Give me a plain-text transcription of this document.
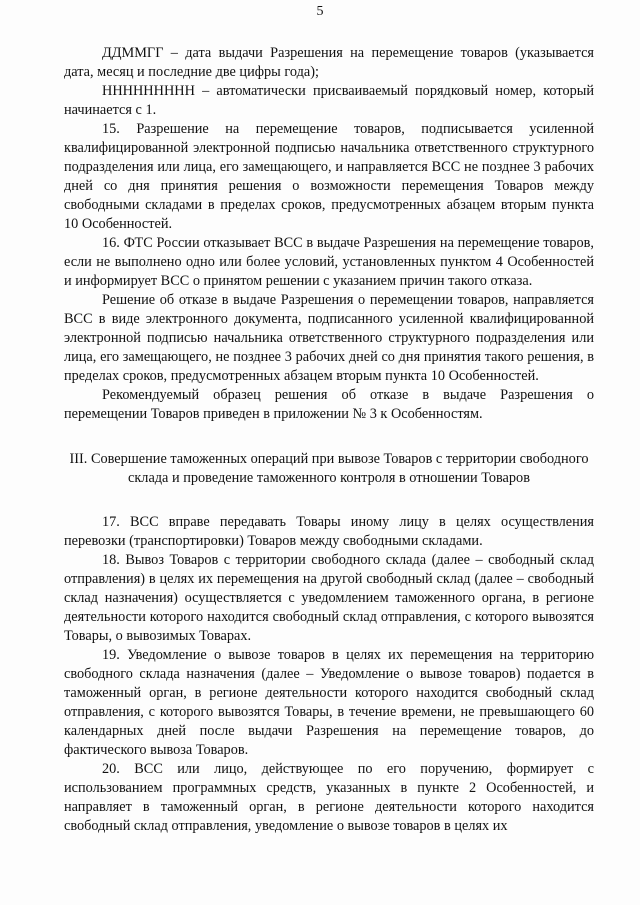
5

ДДММГГ – дата выдачи Разрешения на перемещение товаров (указывается дата, месяц и последние две цифры года);

ННННННННН – автоматически присваиваемый порядковый номер, который начинается с 1.

15. Разрешение на перемещение товаров, подписывается усиленной квалифицированной электронной подписью начальника ответственного структурного подразделения или лица, его замещающего, и направляется ВСС не позднее 3 рабочих дней со дня принятия решения о возможности перемещения Товаров между свободными складами в пределах сроков, предусмотренных абзацем вторым пункта 10 Особенностей.

16. ФТС России отказывает ВСС в выдаче Разрешения на перемещение товаров, если не выполнено одно или более условий, установленных пунктом 4 Особенностей и информирует ВСС о принятом решении с указанием причин такого отказа.

Решение об отказе в выдаче Разрешения о перемещении товаров, направляется ВСС в виде электронного документа, подписанного усиленной квалифицированной электронной подписью начальника ответственного структурного подразделения или лица, его замещающего, не позднее 3 рабочих дней со дня принятия такого решения, в пределах сроков, предусмотренных абзацем вторым пункта 10 Особенностей.

Рекомендуемый образец решения об отказе в выдаче Разрешения о перемещении Товаров приведен в приложении № 3 к Особенностям.

III. Совершение таможенных операций при вывозе Товаров с территории свободного склада и проведение таможенного контроля в отношении Товаров

17. ВСС вправе передавать Товары иному лицу в целях осуществления перевозки (транспортировки) Товаров между свободными складами.

18. Вывоз Товаров с территории свободного склада (далее – свободный склад отправления) в целях их перемещения на другой свободный склад (далее – свободный склад назначения) осуществляется с уведомлением таможенного органа, в регионе деятельности которого находится свободный склад отправления, с которого вывозятся Товары, о вывозимых Товарах.

19. Уведомление о вывозе товаров в целях их перемещения на территорию свободного склада назначения (далее – Уведомление о вывозе товаров) подается в таможенный орган, в регионе деятельности которого находится свободный склад отправления, с которого вывозятся Товары, в течение времени, не превышающего 60 календарных дней после выдачи Разрешения на перемещение товаров, до фактического вывоза Товаров.

20. ВСС или лицо, действующее по его поручению, формирует с использованием программных средств, указанных в пункте 2 Особенностей, и направляет в таможенный орган, в регионе деятельности которого находится свободный склад отправления, уведомление о вывозе товаров в целях их
